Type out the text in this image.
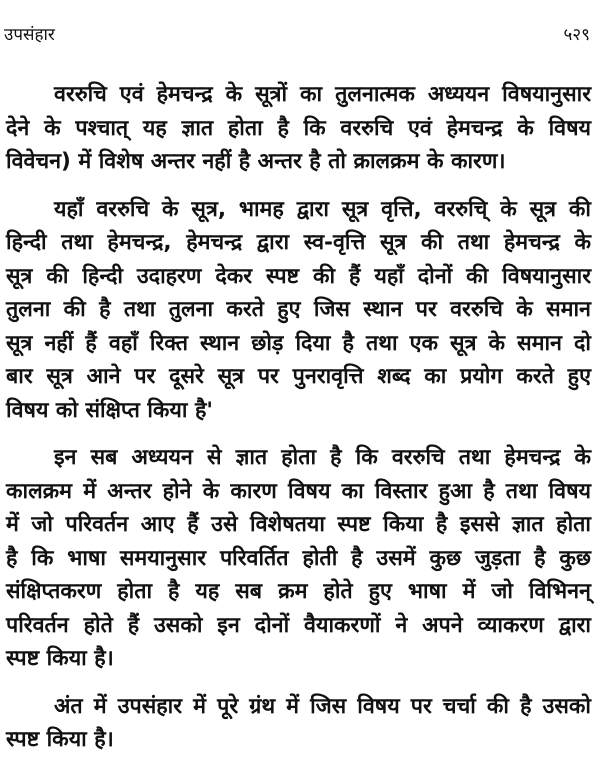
उपसंहार	५२९

वररुचि एवं हेमचन्द्र के सूत्रों का तुलनात्मक अध्ययन विषयानुसार
देने के पश्चात् यह ज्ञात होता है कि वररुचि एवं हेमचन्द्र के विषय
विवेचन) में विशेष अन्तर नहीं है अन्तर है तो क्रालक्रम के कारण।

यहाँ वररुचि के सूत्र, भामह द्वारा सूत्र वृत्ति, वररुचि् के सूत्र की
हिन्दी तथा हेमचन्द्र, हेमचन्द्र द्वारा स्व-वृत्ति सूत्र की तथा हेमचन्द्र के
सूत्र की हिन्दी उदाहरण देकर स्पष्ट की हैं यहाँ दोनों की विषयानुसार
तुलना की है तथा तुलना करते हुए जिस स्थान पर वररुचि के समान
सूत्र नहीं हैं वहाँ रिक्त स्थान छोड़ दिया है तथा एक सूत्र के समान दो
बार सूत्र आने पर दूसरे सूत्र पर पुनरावृत्ति शब्द का प्रयोग करते हुए
विषय को संक्षिप्त किया है'

इन सब अध्ययन से ज्ञात होता है कि वररुचि तथा हेमचन्द्र के
कालक्रम में अन्तर होने के कारण विषय का विस्तार हुआ है तथा विषय
में जो परिवर्तन आए हैं उसे विशेषतया स्पष्ट किया है इससे ज्ञात होता
है कि भाषा समयानुसार परिवर्तित होती है उसमें कुछ जुड़ता है कुछ
संक्षिप्तकरण होता है यह सब क्रम होते हुए भाषा में जो विभिनन्
परिवर्तन होते हैं उसको इन दोनों वैयाकरणों ने अपने व्याकरण द्वारा
स्पष्ट किया है।

अंत में उपसंहार में पूरे ग्रंथ में जिस विषय पर चर्चा की है उसको
स्पष्ट किया है।
